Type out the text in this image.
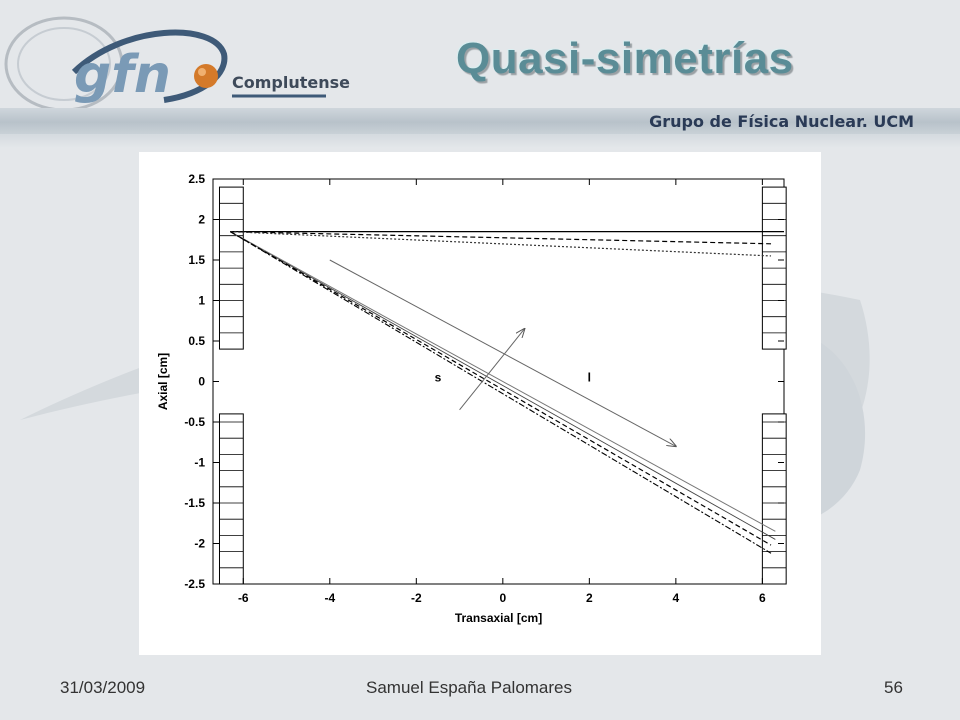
gfn	Complutense Quasi-simetrías
Grupo de Física Nuclear. UCM
-6	-4	-2	0	2	4	6
2.5
2
1.5
1
0.5
0
-0.5
-1
-1.5
-2
-2.5
Transaxial [cm]
Axial [cm]	l
s
31/03/2009	Samuel España Palomares	56
